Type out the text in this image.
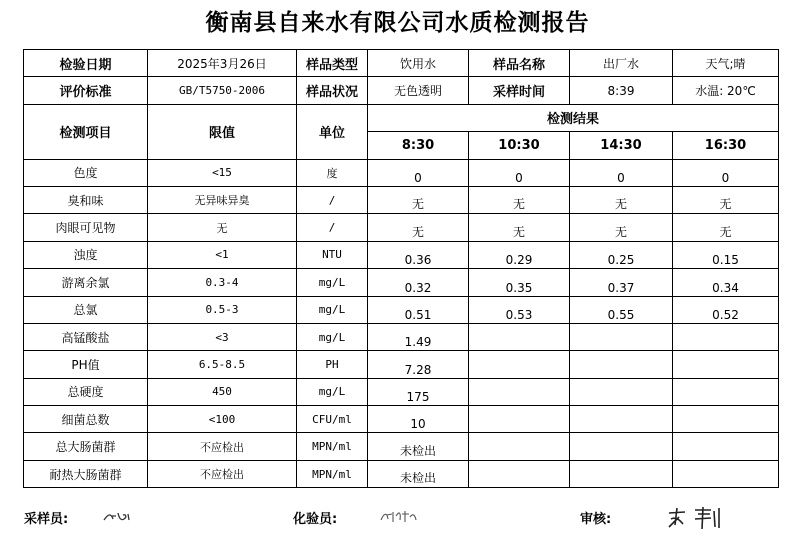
衡南县自来水有限公司水质检测报告
检验日期	2025年3月26日	样品类型	饮用水	样品名称	出厂水	天气;晴
评价标准	GB/T5750-2006	样品状况	无色透明	采样时间	8:39	水温: 20℃
检测项目	限值	单位	检测结果			
			8:30	10:30	14:30	16:30
色度	<15	度	0	0	0	0
臭和味	无异味异臭	/	无	无	无	无
肉眼可见物	无	/	无	无	无	无
浊度	<1	NTU	0.36	0.29	0.25	0.15
游离余氯	0.3-4	mg/L	0.32	0.35	0.37	0.34
总氯	0.5-3	mg/L	0.51	0.53	0.55	0.52
高锰酸盐	<3	mg/L	1.49			
PH值	6.5-8.5	PH	7.28			
总硬度	450	mg/L	175			
细菌总数	<100	CFU/ml	10			
总大肠菌群	不应检出	MPN/ml	未检出			
耐热大肠菌群	不应检出	MPN/ml	未检出			
采样员:	化验员:	审核:
